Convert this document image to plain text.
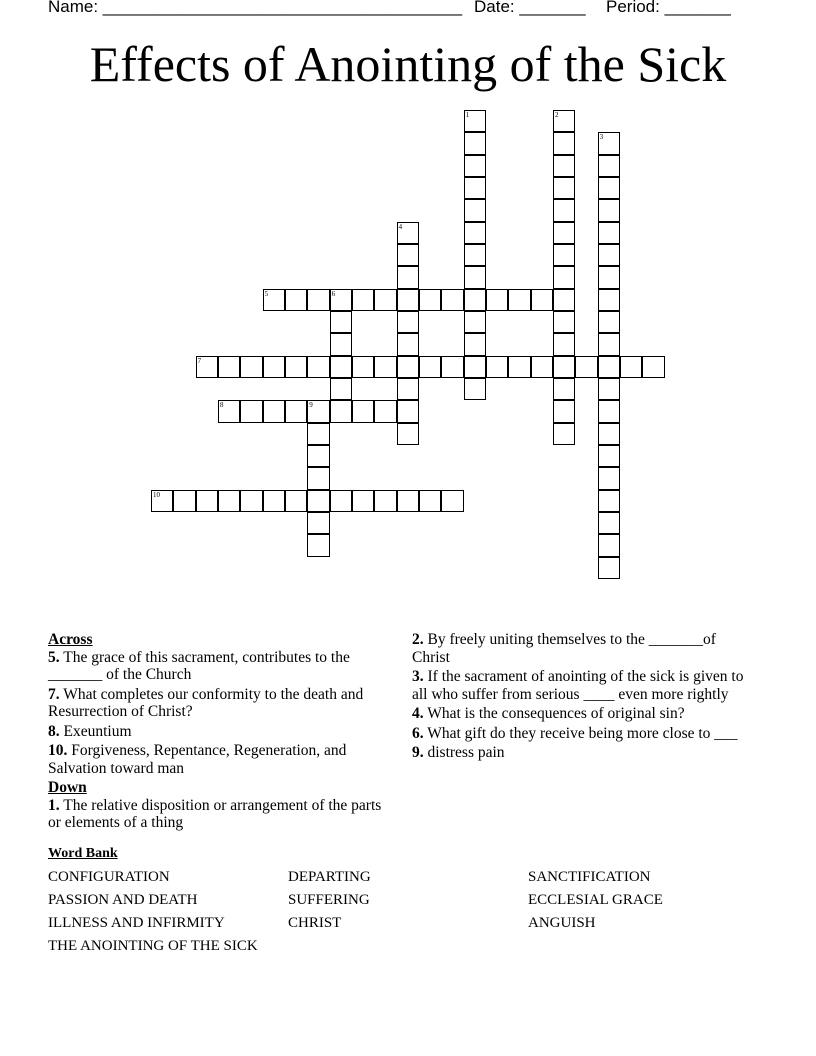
Name: ______________________________________

Date: _______

Period: _______

Effects of Anointing of the Sick
1	2
3
4
5	6
7
8	9
10
Across
5. The grace of this sacrament, contributes to the _______ of the Church
7. What completes our conformity to the death and Resurrection of Christ?
8. Exeuntium
10. Forgiveness, Repentance, Regeneration, and Salvation toward man
Down
1. The relative disposition or arrangement of the parts or elements of a thing
2. By freely uniting themselves to the _______of Christ
3. If the sacrament of anointing of the sick is given to all who suffer from serious ____ even more rightly
4. What is the consequences of original sin?
6. What gift do they receive being more close to ___
9. distress pain
Word Bank
CONFIGURATION
PASSION AND DEATH
ILLNESS AND INFIRMITY
THE ANOINTING OF THE SICK
DEPARTING
SUFFERING
CHRIST
SANCTIFICATION
ECCLESIAL GRACE
ANGUISH
